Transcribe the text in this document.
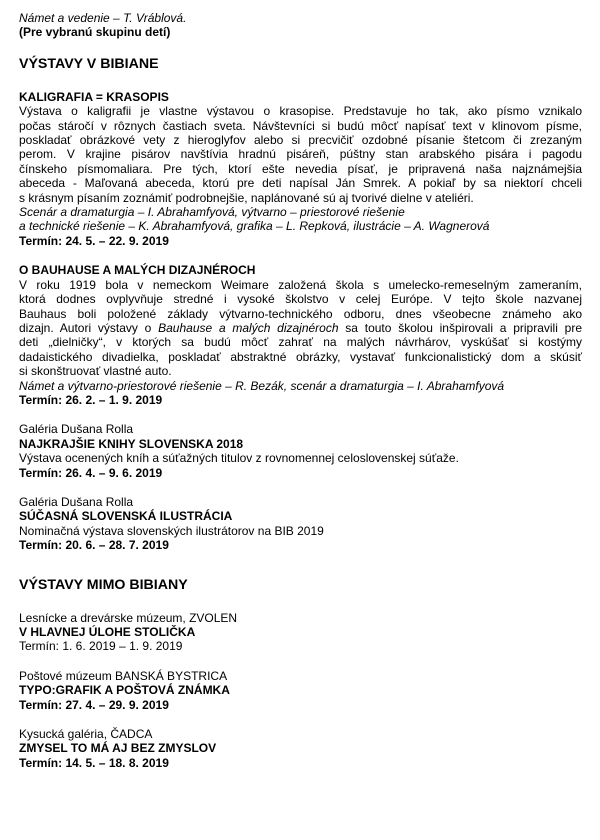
Námet a vedenie – T. Vráblová.
(Pre vybranú skupinu detí)
VÝSTAVY V BIBIANE
KALIGRAFIA = KRASOPIS
Výstava o kaligrafii je vlastne výstavou o krasopise. Predstavuje ho tak, ako písmo vznikalo
počas stáročí v rôznych častiach sveta. Návštevníci si budú môcť napísať text v klinovom písme,
poskladať obrázkové vety z hieroglyfov alebo si precvičiť ozdobné písanie štetcom či zrezaným
perom. V krajine pisárov navštívia hradnú pisáreň, púštny stan arabského pisára i pagodu
čínskeho písmomaliara. Pre tých, ktorí ešte nevedia písať, je pripravená naša najznámejšia
abeceda - Maľovaná abeceda, ktorú pre deti napísal Ján Smrek. A pokiaľ by sa niektorí chceli
s krásnym písaním zoznámiť podrobnejšie, naplánované sú aj tvorivé dielne v ateliéri.
Scenár a dramaturgia – I. Abrahamfyová, výtvarno – priestorové riešenie
a technické riešenie – K. Abrahamfyová, grafika – L. Repková, ilustrácie – A. Wagnerová
Termín: 24. 5. – 22. 9. 2019
O BAUHAUSE A MALÝCH DIZAJNÉROCH
V roku 1919 bola v nemeckom Weimare založená škola s umelecko-remeselným zameraním,
ktorá dodnes ovplyvňuje stredné i vysoké školstvo v celej Európe. V tejto škole nazvanej
Bauhaus boli položené základy výtvarno-technického odboru, dnes všeobecne známeho ako
dizajn. Autori výstavy o Bauhause a malých dizajnéroch sa touto školou inšpirovali a pripravili pre
deti „dielničky“, v ktorých sa budú môcť zahrať na malých návrhárov, vyskúšať si kostýmy
dadaistického divadielka, poskladať abstraktné obrázky, vystavať funkcionalistický dom a skúsiť
si skonštruovať vlastné auto.
Námet a výtvarno-priestorové riešenie – R. Bezák, scenár a dramaturgia – I. Abrahamfyová
Termín: 26. 2. – 1. 9. 2019
Galéria Dušana Rolla
NAJKRAJŠIE KNIHY SLOVENSKA 2018
Výstava ocenených kníh a súťažných titulov z rovnomennej celoslovenskej súťaže.
Termín: 26. 4. – 9. 6. 2019
Galéria Dušana Rolla
SÚČASNÁ SLOVENSKÁ ILUSTRÁCIA
Nominačná výstava slovenských ilustrátorov na BIB 2019
Termín: 20. 6. – 28. 7. 2019
VÝSTAVY MIMO BIBIANY
Lesnícke a drevárske múzeum, ZVOLEN
V HLAVNEJ ÚLOHE STOLIČKA
Termín: 1. 6. 2019 – 1. 9. 2019
Poštové múzeum BANSKÁ BYSTRICA
TYPO:GRAFIK A POŠTOVÁ ZNÁMKA
Termín: 27. 4. – 29. 9. 2019
Kysucká galéria, ČADCA
ZMYSEL TO MÁ AJ BEZ ZMYSLOV
Termín: 14. 5. – 18. 8. 2019
